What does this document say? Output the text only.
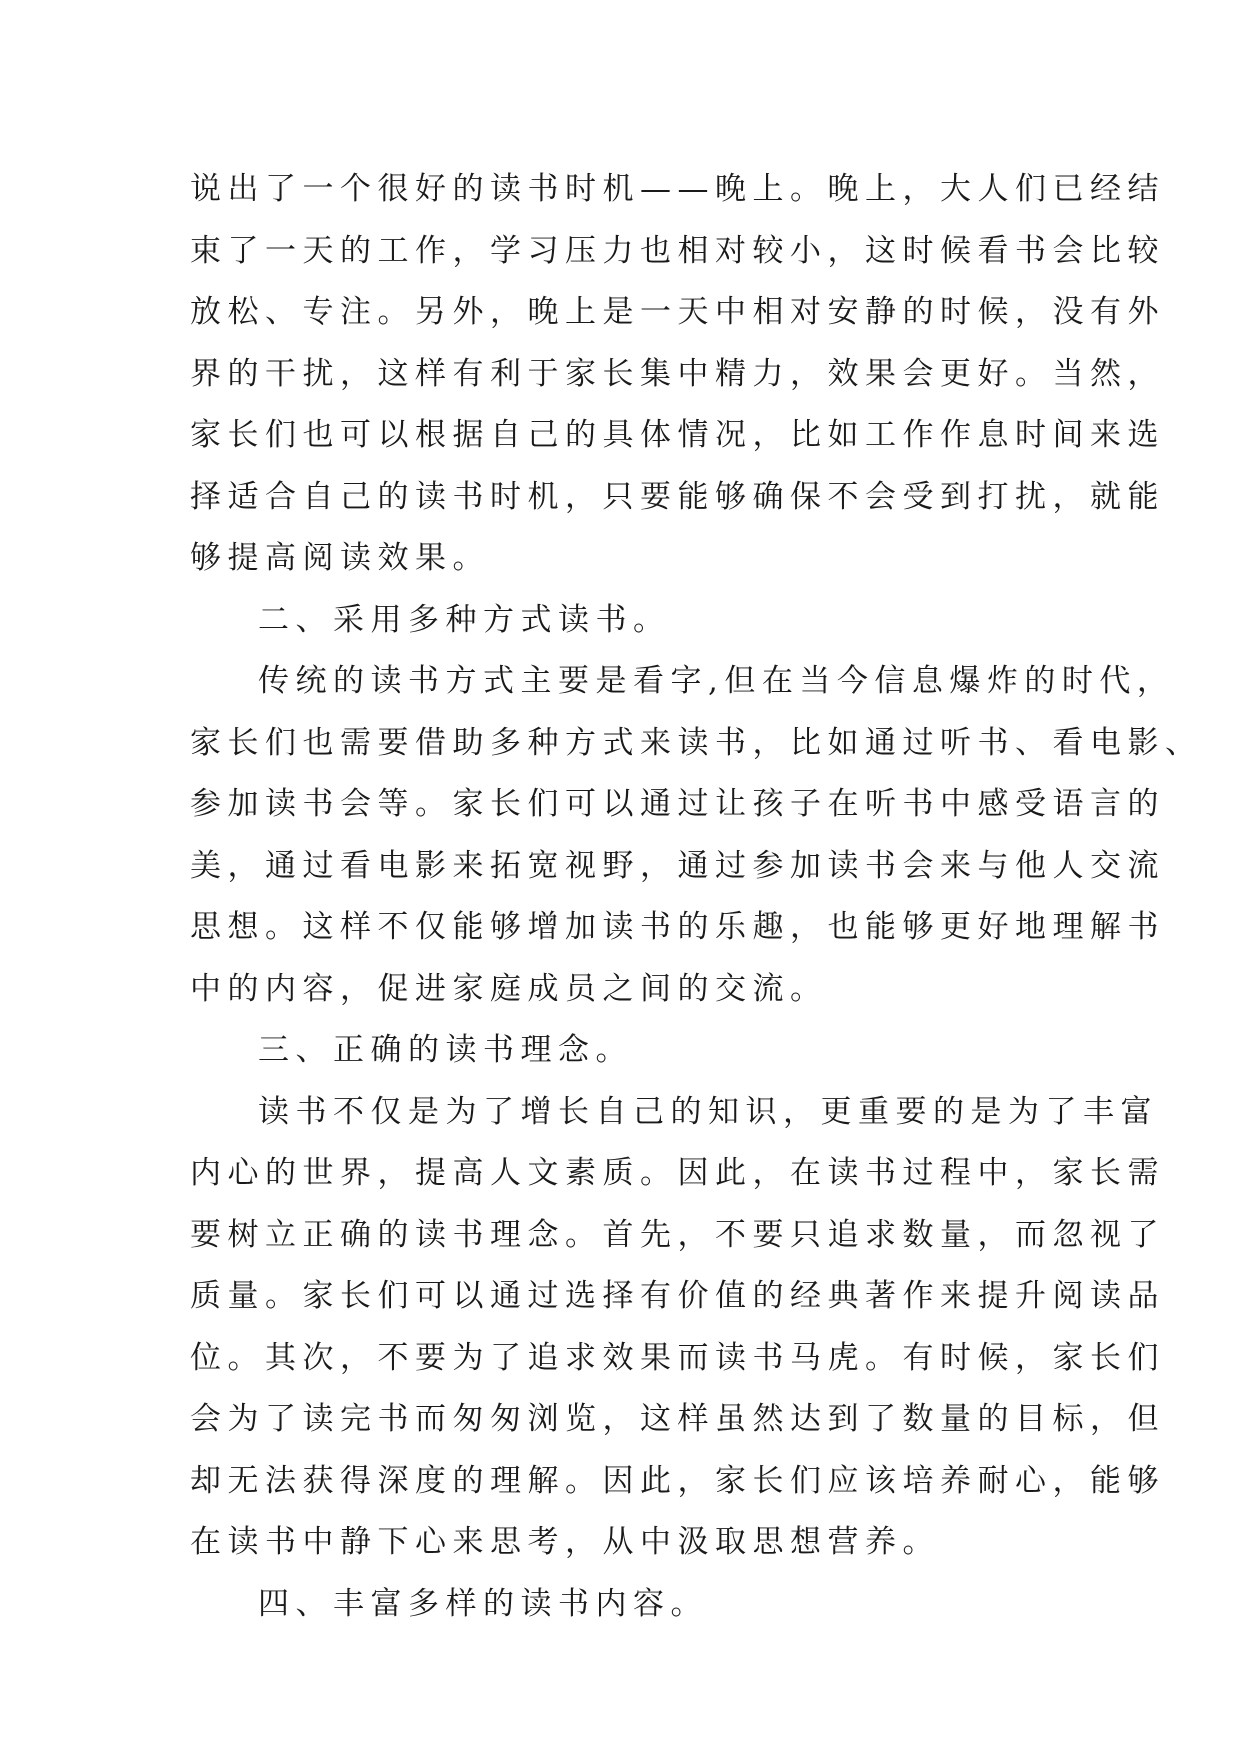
说出了一个很好的读书时机——晚上。晚上，大人们已经结
束了一天的工作，学习压力也相对较小，这时候看书会比较
放松、专注。另外，晚上是一天中相对安静的时候，没有外
界的干扰，这样有利于家长集中精力，效果会更好。当然，
家长们也可以根据自己的具体情况，比如工作作息时间来选
择适合自己的读书时机，只要能够确保不会受到打扰，就能
够提高阅读效果。
二、采用多种方式读书。
传统的读书方式主要是看字,但在当今信息爆炸的时代，
家长们也需要借助多种方式来读书，比如通过听书、看电影、
参加读书会等。家长们可以通过让孩子在听书中感受语言的
美，通过看电影来拓宽视野，通过参加读书会来与他人交流
思想。这样不仅能够增加读书的乐趣，也能够更好地理解书
中的内容，促进家庭成员之间的交流。
三、正确的读书理念。
读书不仅是为了增长自己的知识，更重要的是为了丰富
内心的世界，提高人文素质。因此，在读书过程中，家长需
要树立正确的读书理念。首先，不要只追求数量，而忽视了
质量。家长们可以通过选择有价值的经典著作来提升阅读品
位。其次，不要为了追求效果而读书马虎。有时候，家长们
会为了读完书而匆匆浏览，这样虽然达到了数量的目标，但
却无法获得深度的理解。因此，家长们应该培养耐心，能够
在读书中静下心来思考，从中汲取思想营养。
四、丰富多样的读书内容。
